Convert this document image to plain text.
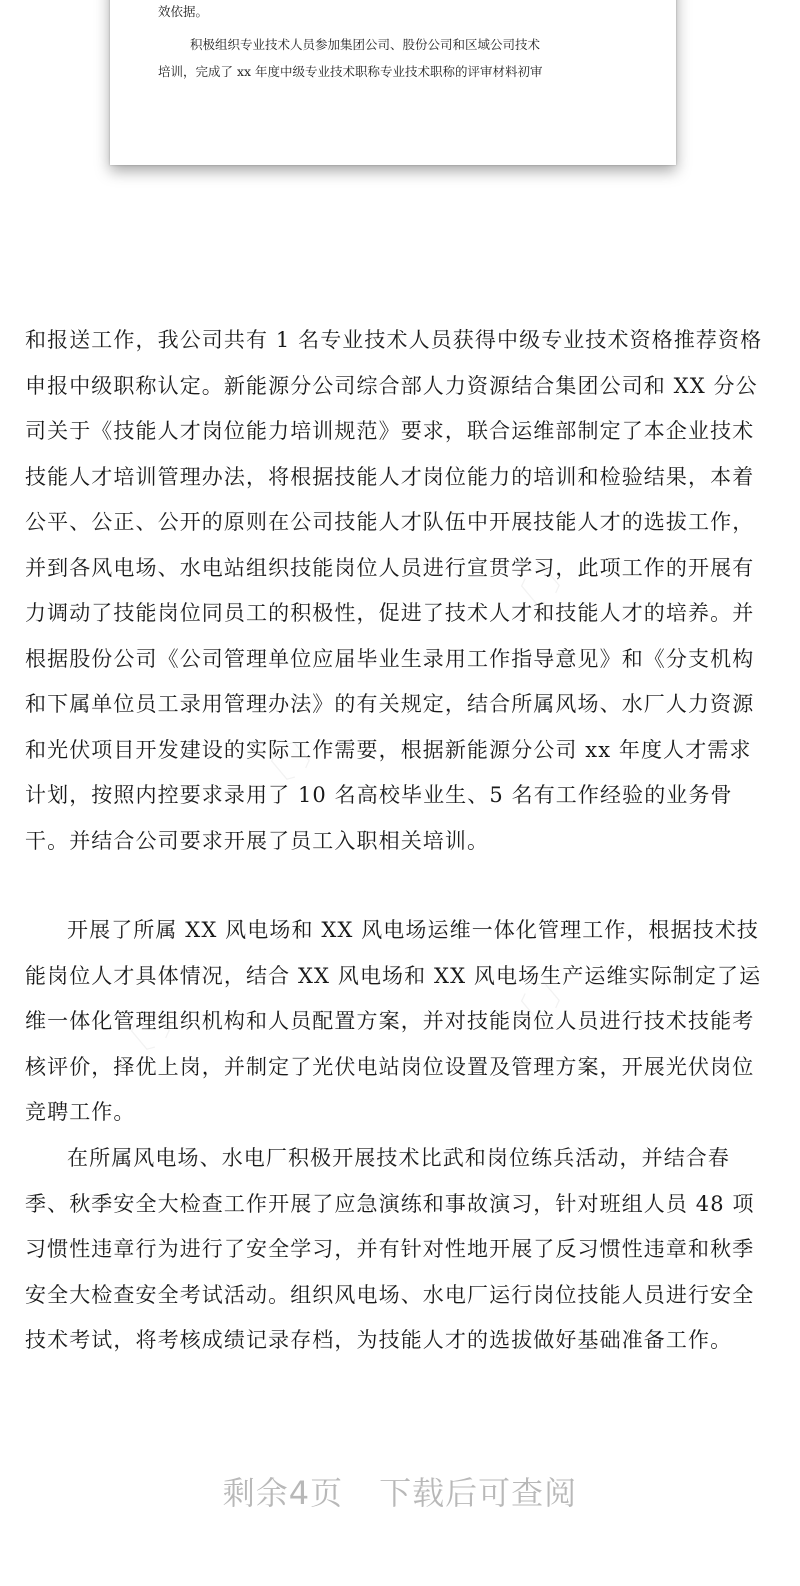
效依据。
积极组织专业技术人员参加集团公司、股份公司和区域公司技术
培训，完成了 xx 年度中级专业技术职称专业技术职称的评审材料初审

和报送工作，我公司共有 1 名专业技术人员获得中级专业技术资格推荐资格申报中级职称认定。新能源分公司综合部人力资源结合集团公司和 XX 分公司关于《技能人才岗位能力培训规范》要求，联合运维部制定了本企业技术技能人才培训管理办法，将根据技能人才岗位能力的培训和检验结果，本着公平、公正、公开的原则在公司技能人才队伍中开展技能人才的选拔工作，并到各风电场、水电站组织技能岗位人员进行宣贯学习，此项工作的开展有力调动了技能岗位同员工的积极性，促进了技术人才和技能人才的培养。并根据股份公司《公司管理单位应届毕业生录用工作指导意见》和《分支机构和下属单位员工录用管理办法》的有关规定，结合所属风场、水厂人力资源和光伏项目开发建设的实际工作需要，根据新能源分公司 xx 年度人才需求计划，按照内控要求录用了 10 名高校毕业生、5 名有工作经验的业务骨干。并结合公司要求开展了员工入职相关培训。

开展了所属 XX 风电场和 XX 风电场运维一体化管理工作，根据技术技能岗位人才具体情况，结合 XX 风电场和 XX 风电场生产运维实际制定了运维一体化管理组织机构和人员配置方案，并对技能岗位人员进行技术技能考核评价，择优上岗，并制定了光伏电站岗位设置及管理方案，开展光伏岗位竞聘工作。

在所属风电场、水电厂积极开展技术比武和岗位练兵活动，并结合春季、秋季安全大检查工作开展了应急演练和事故演习，针对班组人员 48 项习惯性违章行为进行了安全学习，并有针对性地开展了反习惯性违章和秋季安全大检查安全考试活动。组织风电场、水电厂运行岗位技能人员进行安全技术考试，将考核成绩记录存档，为技能人才的选拔做好基础准备工作。

〔 〕
〔 〕
〔 〕
〔 〕
剩余4页 下载后可查阅
